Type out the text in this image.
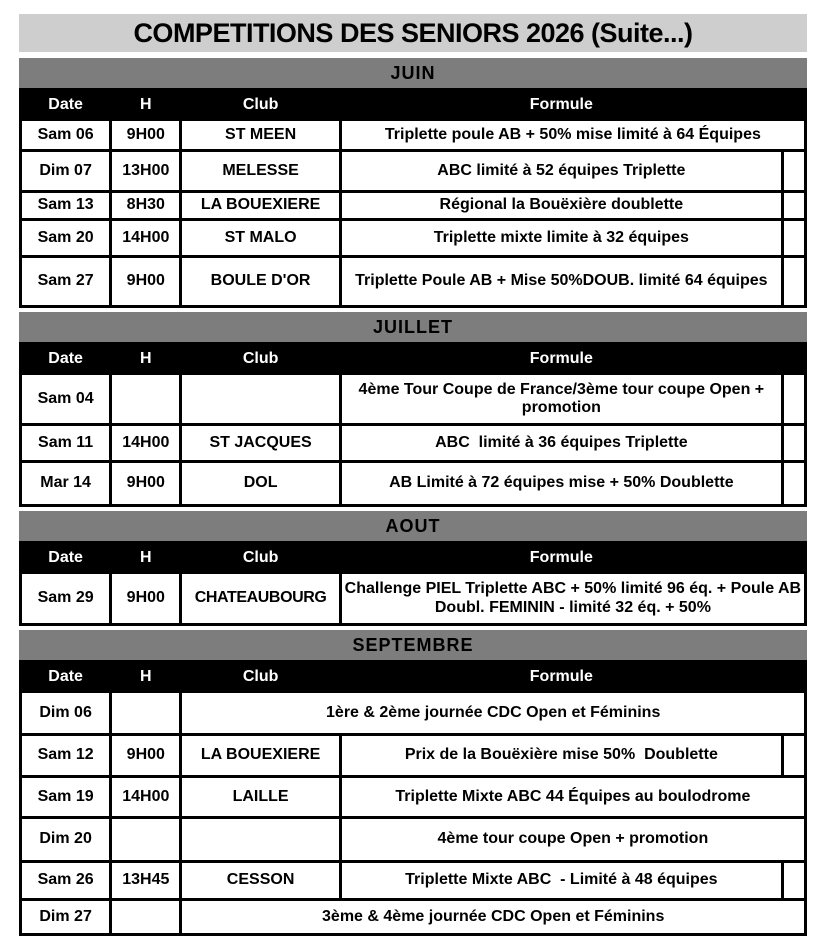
COMPETITIONS DES SENIORS 2026 (Suite...)
JUIN
Date	H	Club	Formule	
Sam 06	9H00	ST MEEN	Triplette poule AB + 50% mise limité à 64 Équipes	
Dim 07	13H00	MELESSE	ABC limité à 52 équipes Triplette	
Sam 13	8H30	LA BOUEXIERE	Régional la Bouëxière doublette	
Sam 20	14H00	ST MALO	Triplette mixte limite à 32 équipes	
Sam 27	9H00	BOULE D'OR	Triplette Poule AB + Mise 50%DOUB. limité 64 équipes	
JUILLET
Date	H	Club	Formule	
Sam 04			4ème Tour Coupe de France/3ème tour coupe Open + promotion	
Sam 11	14H00	ST JACQUES	ABC  limité à 36 équipes Triplette	
Mar 14	9H00	DOL	AB Limité à 72 équipes mise + 50% Doublette	
AOUT
Date	H	Club	Formule	
Sam 29	9H00	CHATEAUBOURG	Challenge PIEL Triplette ABC + 50% limité 96 éq. + Poule AB Doubl. FEMININ - limité 32 éq. + 50%	
SEPTEMBRE
Date	H	Club	Formule	
Dim 06		1ère & 2ème journée CDC Open et Féminins		
Sam 12	9H00	LA BOUEXIERE	Prix de la Bouëxière mise 50%  Doublette	
Sam 19	14H00	LAILLE	Triplette Mixte ABC 44 Équipes au boulodrome	
Dim 20			4ème tour coupe Open + promotion	
Sam 26	13H45	CESSON	Triplette Mixte ABC  - Limité à 48 équipes	
Dim 27		3ème & 4ème journée CDC Open et Féminins		
